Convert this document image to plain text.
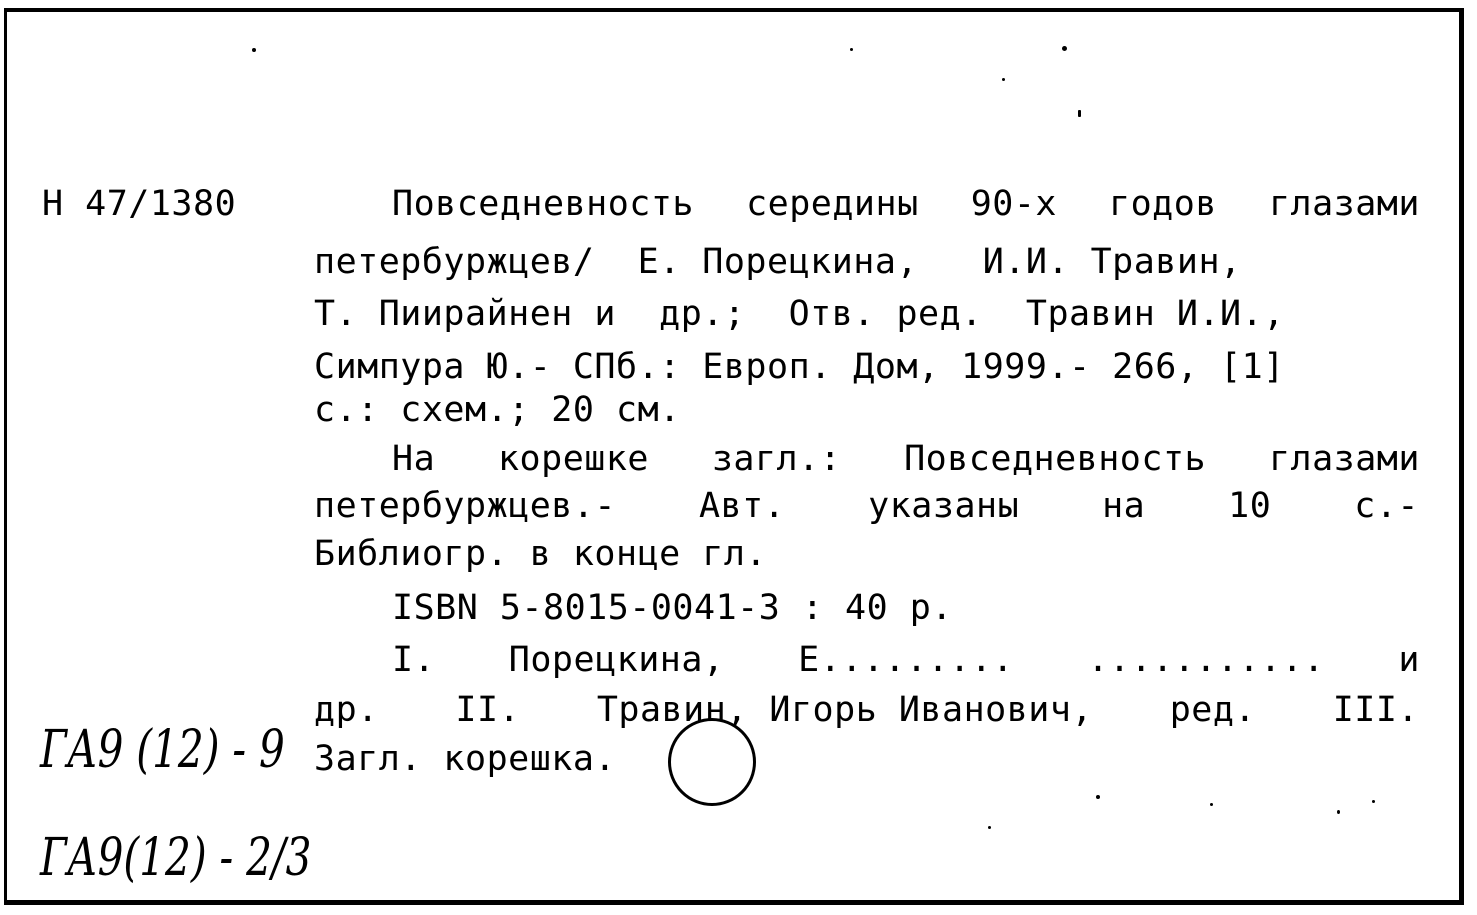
Н 47/1380	Повседневность середины 90-х годов глазами
петербуржцев/  Е. Порецкина,   И.И. Травин,
Т. Пиирайнен и  др.;  Отв. ред.  Травин И.И.,
Симпура Ю.- СПб.: Европ. Дом, 1999.- 266, [1]
с.: схем.; 20 см.
На корешке загл.: Повседневность глазами
петербуржцев.- Авт. указаны на 10 с.-
Библиогр. в конце гл.
ISBN 5-8015-0041-3 : 40 р.
I. Порецкина, Е......... ........... и
др. II. Травин, Игорь Иванович, ред. III.
Загл. корешка.
ГА9 (12) - 9
ГА9(12) - 2/3
